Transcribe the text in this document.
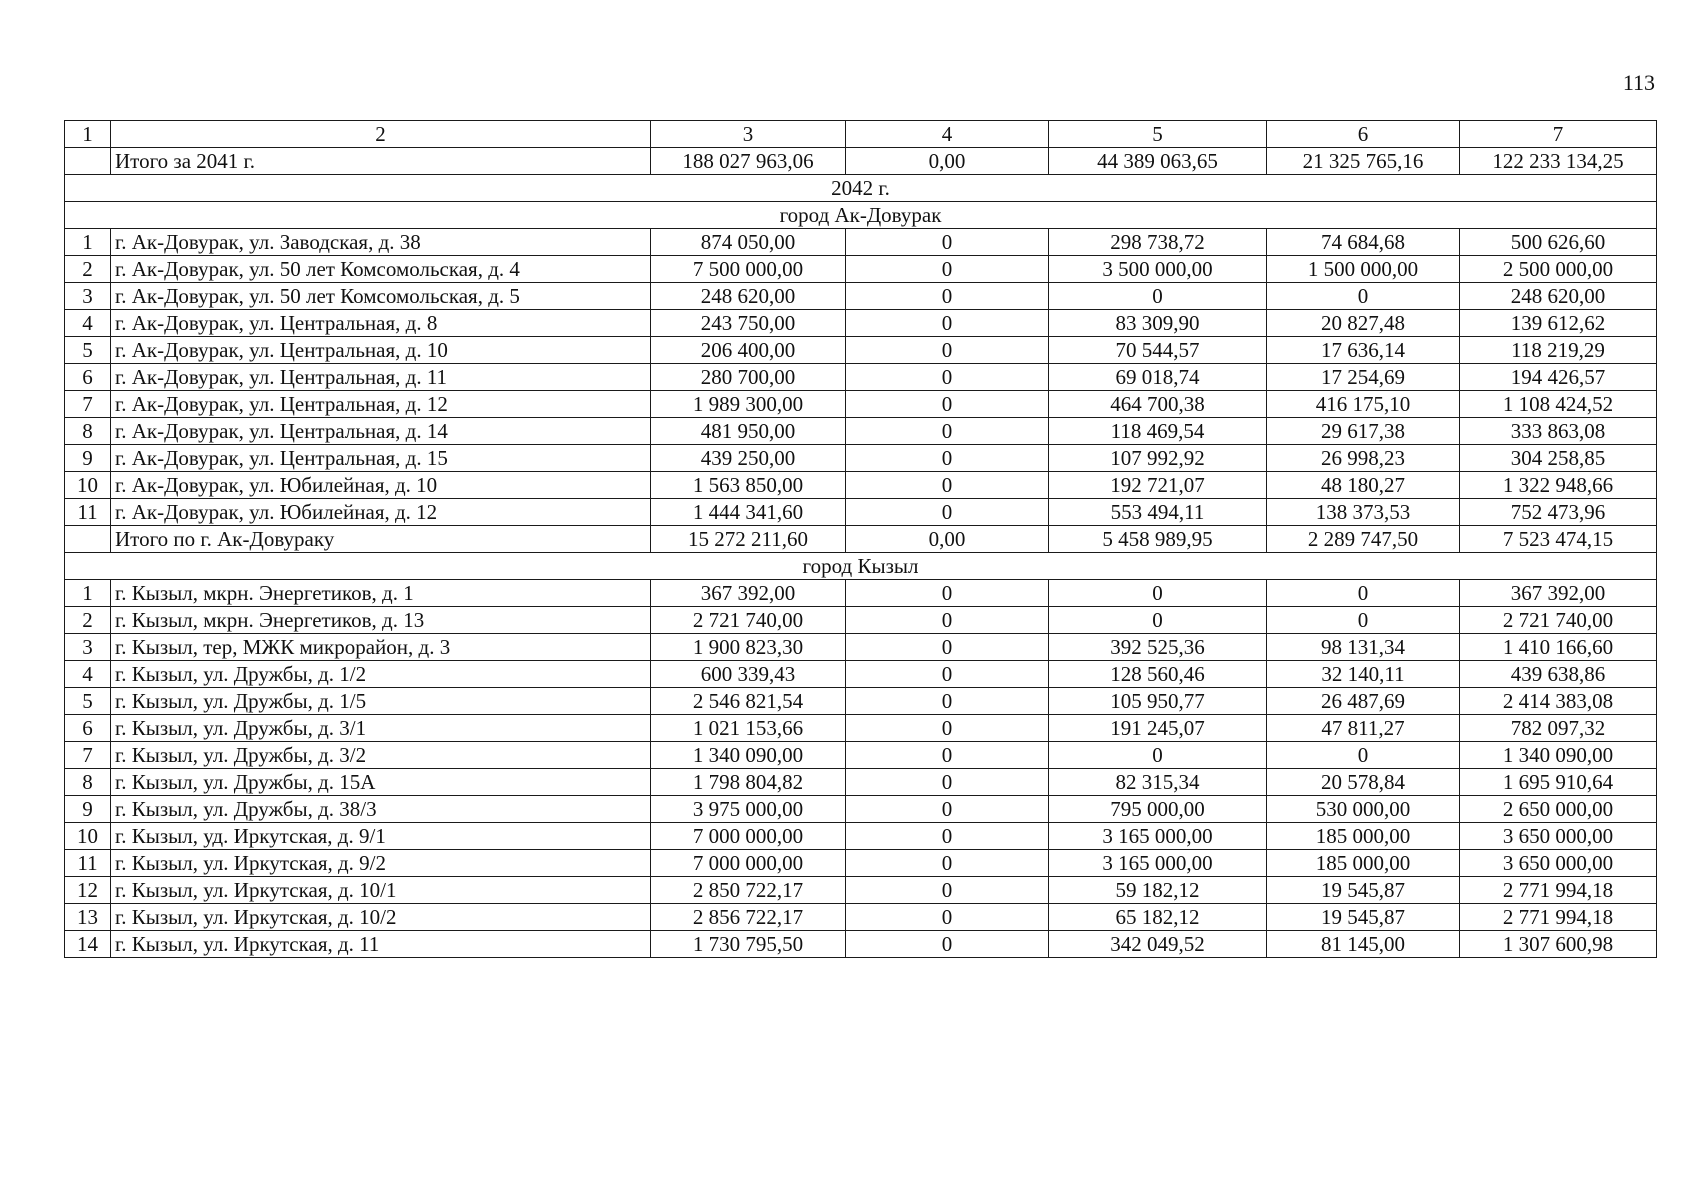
113
1	2	3	4	5	6	7
	Итого за 2041 г.	188 027 963,06	0,00	44 389 063,65	21 325 765,16	122 233 134,25
2042 г.						
город Ак-Довурак						
1	г. Ак-Довурак, ул. Заводская, д. 38	874 050,00	0	298 738,72	74 684,68	500 626,60
2	г. Ак-Довурак, ул. 50 лет Комсомольская, д. 4	7 500 000,00	0	3 500 000,00	1 500 000,00	2 500 000,00
3	г. Ак-Довурак, ул. 50 лет Комсомольская, д. 5	248 620,00	0	0	0	248 620,00
4	г. Ак-Довурак, ул. Центральная, д. 8	243 750,00	0	83 309,90	20 827,48	139 612,62
5	г. Ак-Довурак, ул. Центральная, д. 10	206 400,00	0	70 544,57	17 636,14	118 219,29
6	г. Ак-Довурак, ул. Центральная, д. 11	280 700,00	0	69 018,74	17 254,69	194 426,57
7	г. Ак-Довурак, ул. Центральная, д. 12	1 989 300,00	0	464 700,38	416 175,10	1 108 424,52
8	г. Ак-Довурак, ул. Центральная, д. 14	481 950,00	0	118 469,54	29 617,38	333 863,08
9	г. Ак-Довурак, ул. Центральная, д. 15	439 250,00	0	107 992,92	26 998,23	304 258,85
10	г. Ак-Довурак, ул. Юбилейная, д. 10	1 563 850,00	0	192 721,07	48 180,27	1 322 948,66
11	г. Ак-Довурак, ул. Юбилейная, д. 12	1 444 341,60	0	553 494,11	138 373,53	752 473,96
	Итого по г. Ак-Довураку	15 272 211,60	0,00	5 458 989,95	2 289 747,50	7 523 474,15
город Кызыл						
1	г. Кызыл, мкрн. Энергетиков, д. 1	367 392,00	0	0	0	367 392,00
2	г. Кызыл, мкрн. Энергетиков, д. 13	2 721 740,00	0	0	0	2 721 740,00
3	г. Кызыл, тер, МЖК микрорайон, д. 3	1 900 823,30	0	392 525,36	98 131,34	1 410 166,60
4	г. Кызыл, ул. Дружбы, д. 1/2	600 339,43	0	128 560,46	32 140,11	439 638,86
5	г. Кызыл, ул. Дружбы, д. 1/5	2 546 821,54	0	105 950,77	26 487,69	2 414 383,08
6	г. Кызыл, ул. Дружбы, д. 3/1	1 021 153,66	0	191 245,07	47 811,27	782 097,32
7	г. Кызыл, ул. Дружбы, д. 3/2	1 340 090,00	0	0	0	1 340 090,00
8	г. Кызыл, ул. Дружбы, д. 15А	1 798 804,82	0	82 315,34	20 578,84	1 695 910,64
9	г. Кызыл, ул. Дружбы, д. 38/3	3 975 000,00	0	795 000,00	530 000,00	2 650 000,00
10	г. Кызыл, уд. Иркутская, д. 9/1	7 000 000,00	0	3 165 000,00	185 000,00	3 650 000,00
11	г. Кызыл, ул. Иркутская, д. 9/2	7 000 000,00	0	3 165 000,00	185 000,00	3 650 000,00
12	г. Кызыл, ул. Иркутская, д. 10/1	2 850 722,17	0	59 182,12	19 545,87	2 771 994,18
13	г. Кызыл, ул. Иркутская, д. 10/2	2 856 722,17	0	65 182,12	19 545,87	2 771 994,18
14	г. Кызыл, ул. Иркутская, д. 11	1 730 795,50	0	342 049,52	81 145,00	1 307 600,98
